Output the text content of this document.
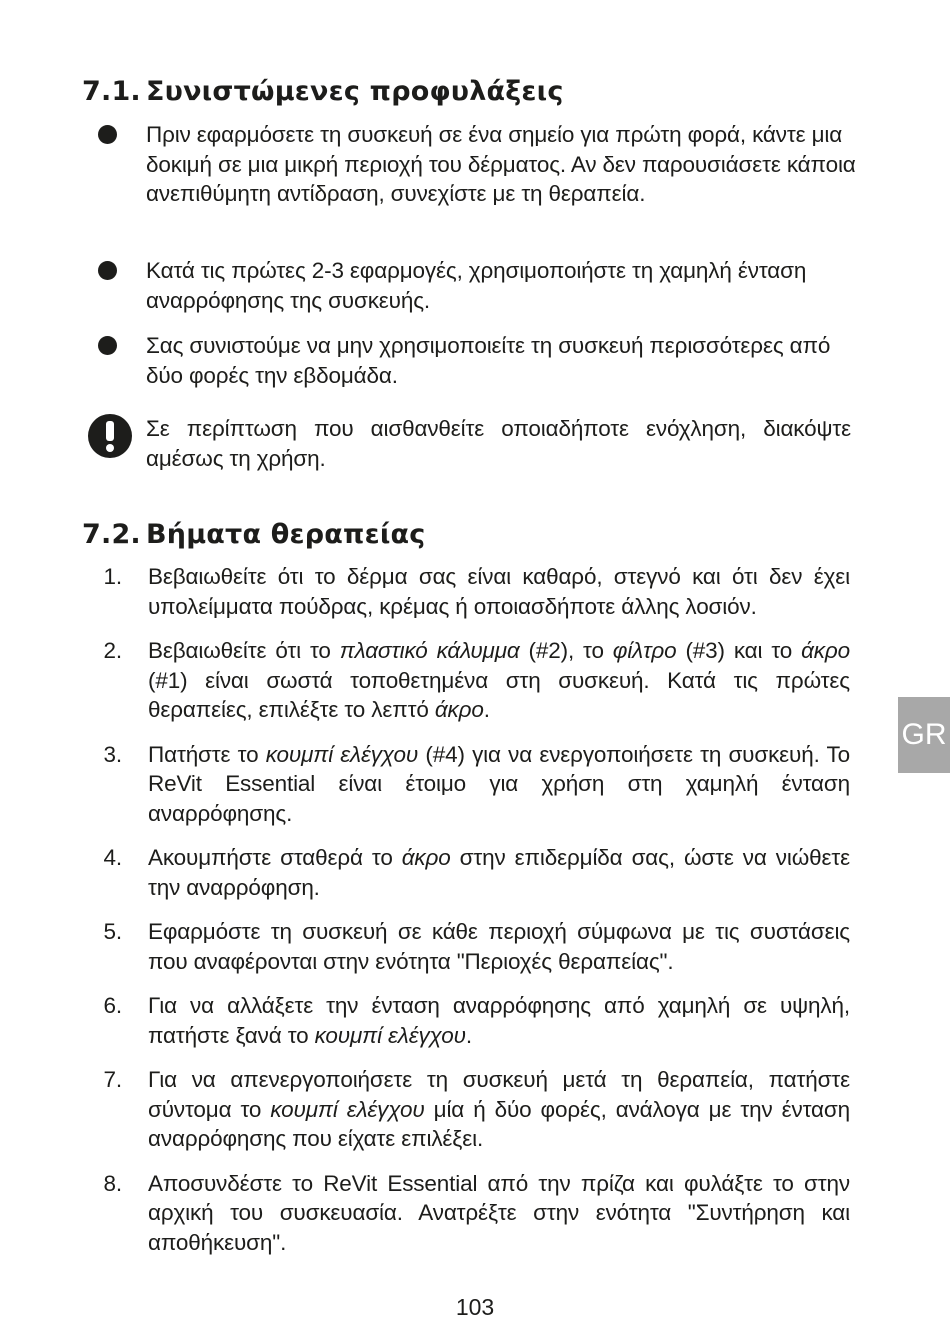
7.1. Συνιστώμενες προφυλάξεις
Πριν εφαρμόσετε τη συσκευή σε ένα σημείο για πρώτη φορά, κάντε μια δοκιμή σε μια μικρή περιοχή του δέρματος. Αν δεν παρουσιάσετε κάποια ανεπιθύμητη αντίδραση, συνεχίστε με τη θεραπεία.
Κατά τις πρώτες 2-3 εφαρμογές, χρησιμοποιήστε τη χαμηλή ένταση αναρρόφησης της συσκευής.
Σας συνιστούμε να μην χρησιμοποιείτε τη συσκευή περισσότερες από δύο φορές την εβδομάδα.
Σε περίπτωση που αισθανθείτε οποιαδήποτε ενόχληση, διακόψτε αμέσως τη χρήση.
7.2. Βήματα θεραπείας
1. Βεβαιωθείτε ότι το δέρμα σας είναι καθαρό, στεγνό και ότι δεν έχει υπολείμματα πούδρας, κρέμας ή οποιασδήποτε άλλης λοσιόν.
2. Βεβαιωθείτε ότι το πλαστικό κάλυμμα (#2), το φίλτρο (#3) και το άκρο (#1) είναι σωστά τοποθετημένα στη συσκευή. Κατά τις πρώτες θεραπείες, επιλέξτε το λεπτό άκρο.
3. Πατήστε το κουμπί ελέγχου (#4) για να ενεργοποιήσετε τη συσκευή. Το ReVit Essential είναι έτοιμο για χρήση στη χαμηλή ένταση αναρρόφησης.
4. Ακουμπήστε σταθερά το άκρο στην επιδερμίδα σας, ώστε να νιώθετε την αναρρόφηση.
5. Εφαρμόστε τη συσκευή σε κάθε περιοχή σύμφωνα με τις συστάσεις που αναφέρονται στην ενότητα "Περιοχές θεραπείας".
6. Για να αλλάξετε την ένταση αναρρόφησης από χαμηλή σε υψηλή, πατήστε ξανά το κουμπί ελέγχου.
7. Για να απενεργοποιήσετε τη συσκευή μετά τη θεραπεία, πατήστε σύντομα το κουμπί ελέγχου μία ή δύο φορές, ανάλογα με την ένταση αναρρόφησης που είχατε επιλέξει.
8. Αποσυνδέστε το ReVit Essential από την πρίζα και φυλάξτε το στην αρχική του συσκευασία. Ανατρέξτε στην ενότητα "Συντήρηση και αποθήκευση".
GR
103
